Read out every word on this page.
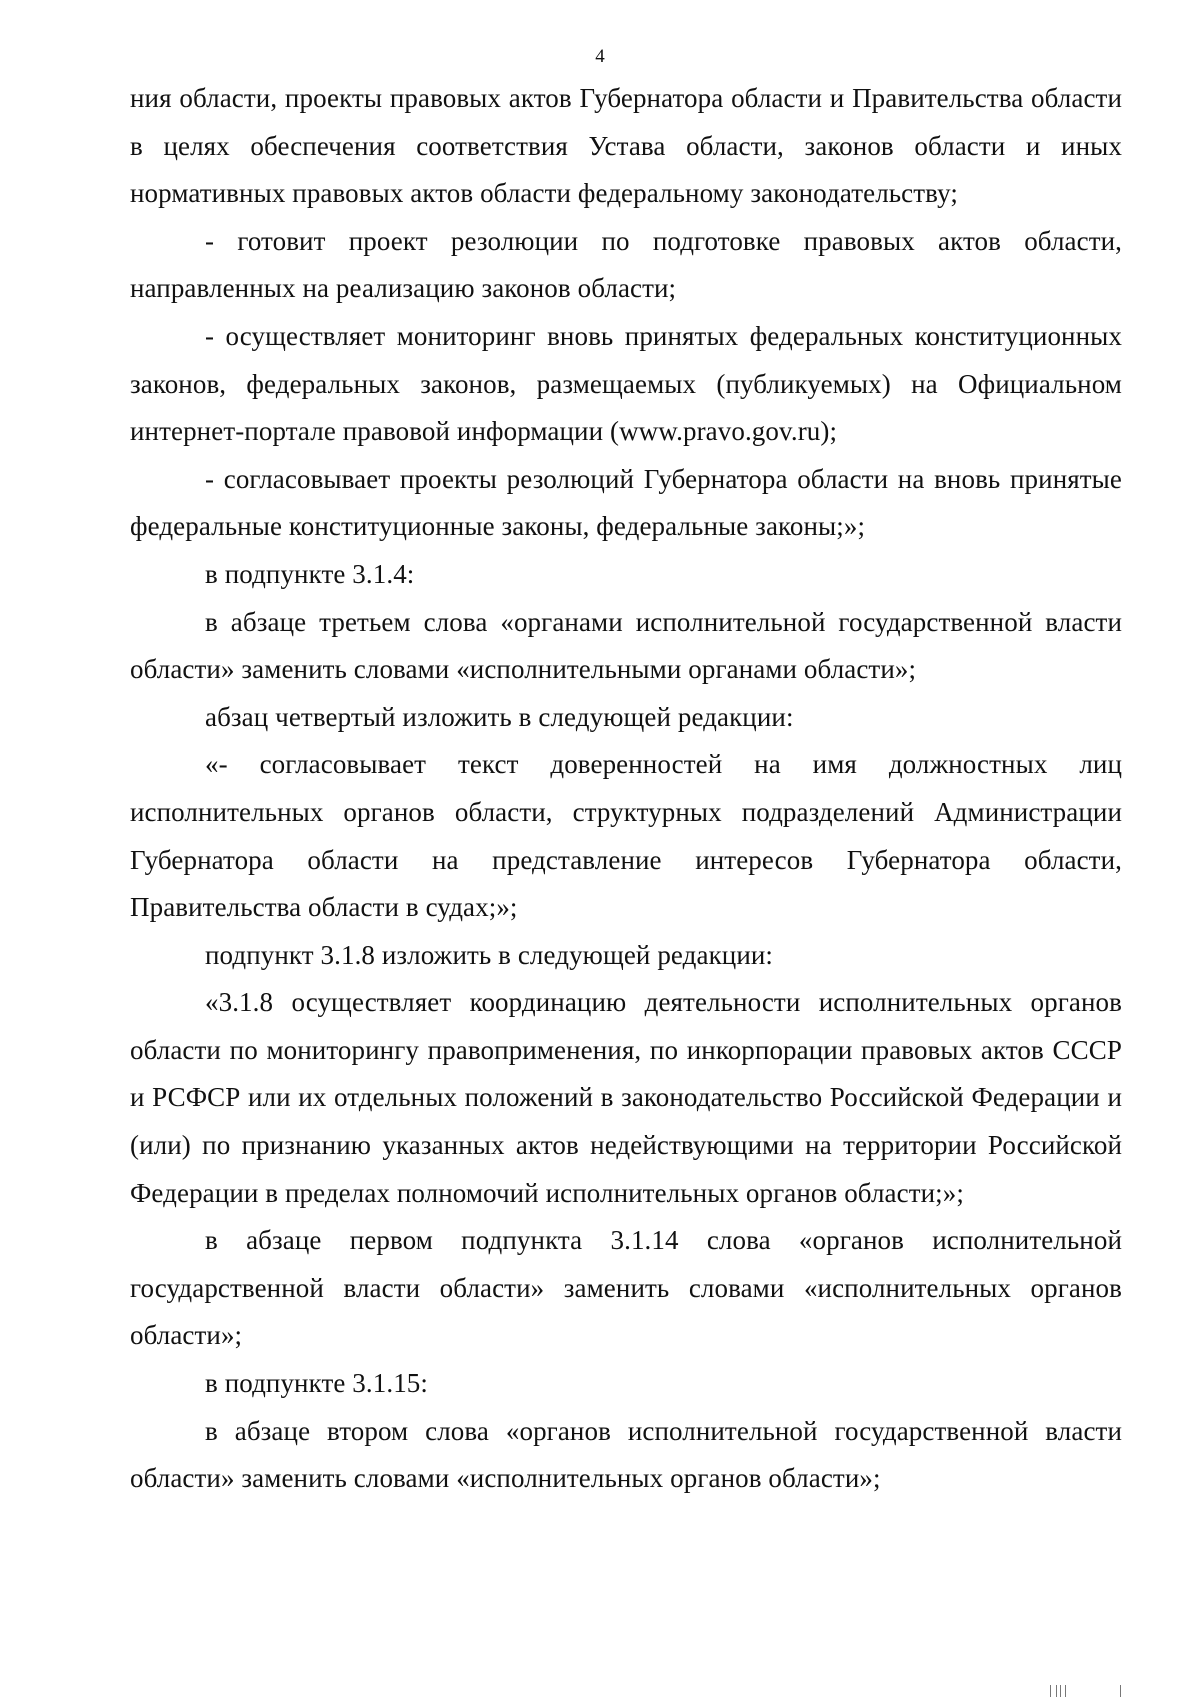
4

ния области, проекты правовых актов Губернатора области и Правительства области в целях обеспечения соответствия Устава области, законов области и иных нормативных правовых актов области федеральному законодательству;

- готовит проект резолюции по подготовке правовых актов области, направленных на реализацию законов области;

- осуществляет мониторинг вновь принятых федеральных конституционных законов, федеральных законов, размещаемых (публикуемых) на Официальном интернет-портале правовой информации (www.pravo.gov.ru);

- согласовывает проекты резолюций Губернатора области на вновь принятые федеральные конституционные законы, федеральные законы;»;

в подпункте 3.1.4:

в абзаце третьем слова «органами исполнительной государственной власти области» заменить словами «исполнительными органами области»;

абзац четвертый изложить в следующей редакции:

«- согласовывает текст доверенностей на имя должностных лиц исполнительных органов области, структурных подразделений Администрации Губернатора области на представление интересов Губернатора области, Правительства области в судах;»;

подпункт 3.1.8 изложить в следующей редакции:

«3.1.8 осуществляет координацию деятельности исполнительных органов области по мониторингу правоприменения, по инкорпорации правовых актов СССР и РСФСР или их отдельных положений в законодательство Российской Федерации и (или) по признанию указанных актов недействующими на территории Российской Федерации в пределах полномочий исполнительных органов области;»;

в абзаце первом подпункта 3.1.14 слова «органов исполнительной государственной власти области» заменить словами «исполнительных органов области»;

в подпункте 3.1.15:

в абзаце втором слова «органов исполнительной государственной власти области» заменить словами «исполнительных органов области»;
